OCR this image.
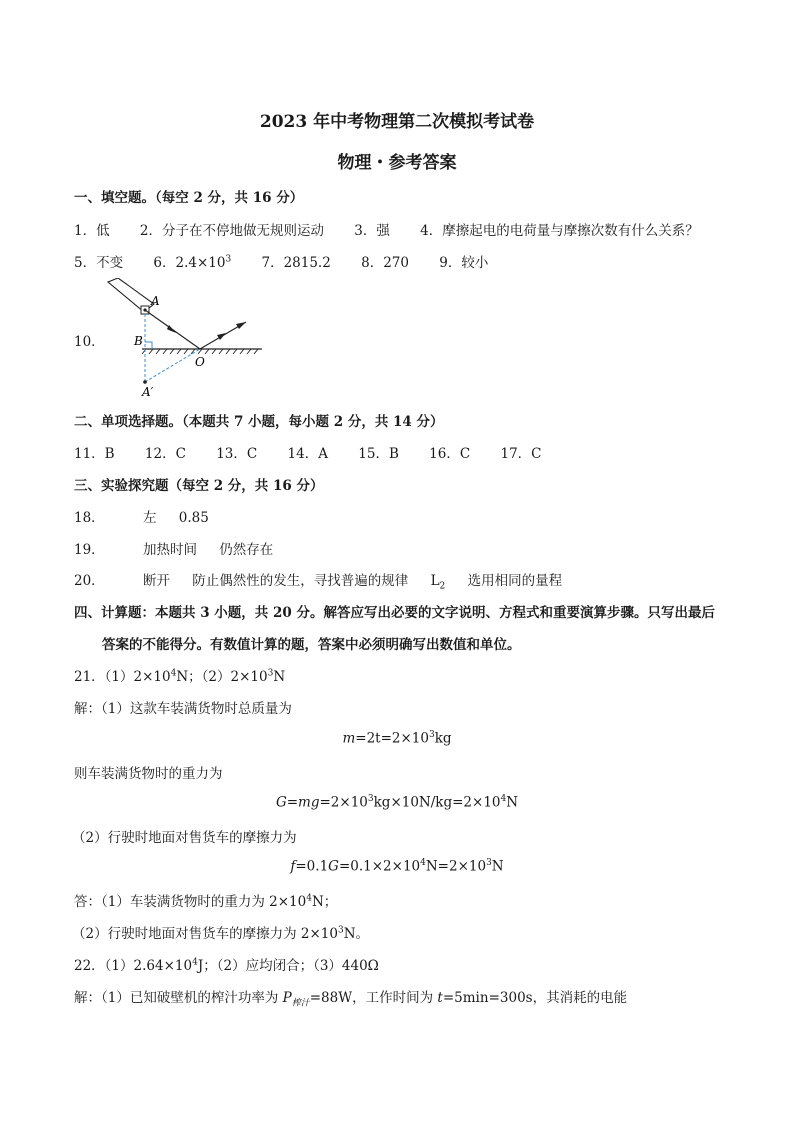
2023 年中考物理第二次模拟考试卷
物理・参考答案
一、填空题。（每空 2 分，共 16 分）
1．低 2．分子在不停地做无规则运动 3．强 4．摩擦起电的电荷量与摩擦次数有什么关系？
5．不变 6．$2.4\times 10^3$ 7．2815.2 8．270 9．较小
10．
A
B
O
A′
二、单项选择题。（本题共 7 小题，每小题 2 分，共 14 分）
11．B 12．C 13．C 14．A 15．B 16．C 17．C
三、实验探究题（每空 2 分，共 16 分）
18．	左 0.85
19．	加热时间 仍然存在
20．	断开 防止偶然性的发生，寻找普遍的规律 $L_2$ 选用相同的量程
四、计算题：本题共 3 小题，共 20 分。解答应写出必要的文字说明、方程式和重要演算步骤。只写出最后
答案的不能得分。有数值计算的题，答案中必须明确写出数值和单位。
21．$(1)2\times 10^4N$；$(2)2\times 10^3N$
解：（1）这款车装满货物时总质量为
$m=2t=2\times 10^3kg$
则车装满货物时的重力为
$G=mg=2\times 10^3kg\times 10N/kg=2\times 10^4N$
（2）行驶时地面对售货车的摩擦力为
$f=0.1G=0.1\times 2\times 10^4N=2\times 10^3N$
答：（1）车装满货物时的重力为 $2\times 10^4N$；
（2）行驶时地面对售货车的摩擦力为 $2\times 10^3N$。
22．$(1)2.64\times 10^4J$；（2）应均闭合；（3）440Ω
解：（1）已知破壁机的榨汁功率为 $P_{榨汁}=88W$，工作时间为 t=5min=300s，其消耗的电能
